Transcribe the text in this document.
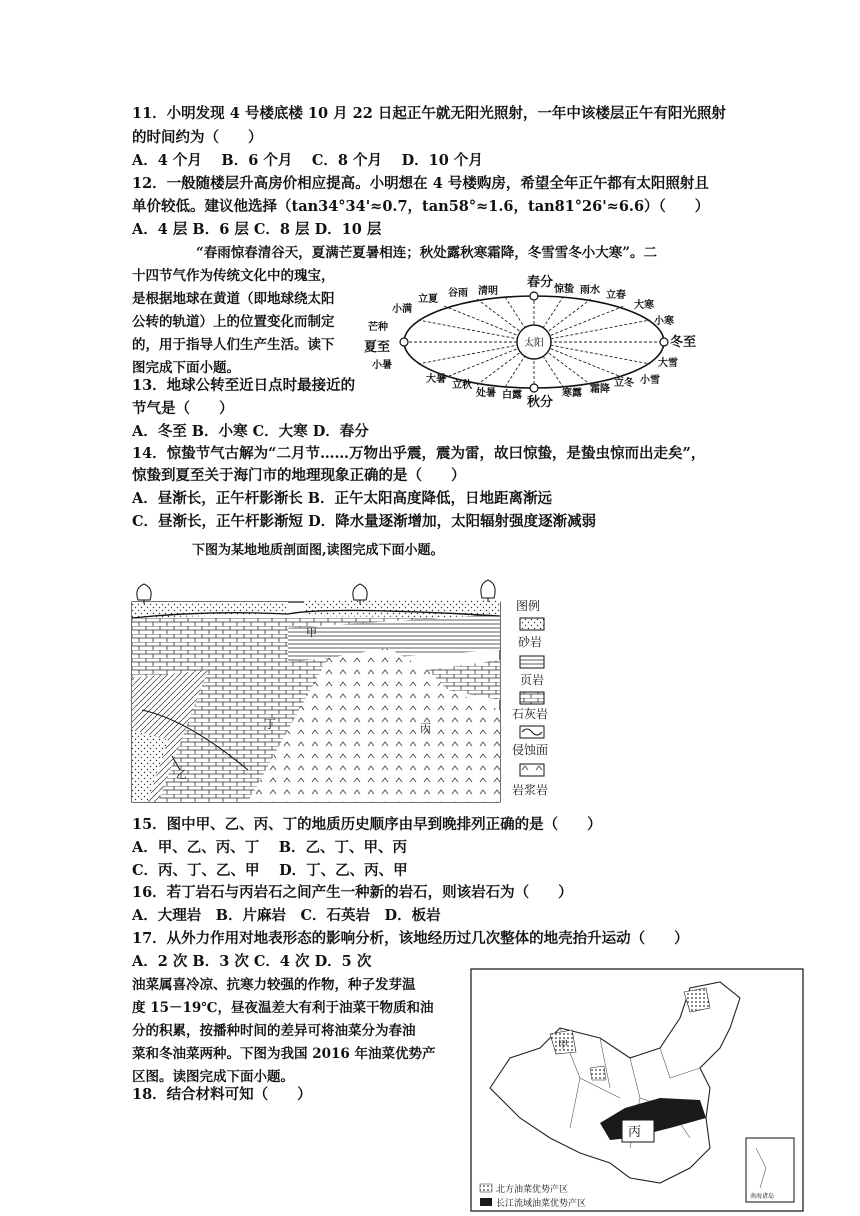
11．小明发现 4 号楼底楼 10 月 22 日起正午就无阳光照射，一年中该楼层正午有阳光照射
的时间约为（　　）
A．4 个月　 B．6 个月　 C．8 个月　 D．10 个月
12．一般随楼层升高房价相应提高。小明想在 4 号楼购房，希望全年正午都有太阳照射且
单价较低。建议他选择（tan34°34'≈0.7，tan58°≈1.6，tan81°26'≈6.6）（　　）
A．4 层 B．6 层 C．8 层 D．10 层
“春雨惊春清谷天，夏满芒夏暑相连；秋处露秋寒霜降，冬雪雪冬小大寒”。二
十四节气作为传统文化中的瑰宝，
是根据地球在黄道（即地球绕太阳
公转的轨道）上的位置变化而制定
的，用于指导人们生产生活。读下
图完成下面小题。
太阳
春分 惊蛰 雨水 立春
大寒
小寒
冬至
大雪
小雪
立冬
霜降
寒露
秋分
白露
处暑
立秋
大暑
小暑
夏至
芒种
小满
立夏
谷雨 清明
13．地球公转至近日点时最接近的
节气是（　　）
A．冬至 B．小寒 C．大寒 D．春分
14．惊蛰节气古解为“二月节……万物出乎震，震为雷，故曰惊蛰，是蛰虫惊而出走矣”，
惊蛰到夏至关于海门市的地理现象正确的是（　　）
A．昼渐长，正午杆影渐长 B．正午太阳高度降低，日地距离渐远
C．昼渐长，正午杆影渐短 D．降水量逐渐增加，太阳辐射强度逐渐减弱
下图为某地地质剖面图,读图完成下面小题。
甲
丁	丙
乙
图例
砂岩
页岩
石灰岩
侵蚀面
岩浆岩
15．图中甲、乙、丙、丁的地质历史顺序由早到晚排列正确的是（　　）
A．甲、乙、丙、丁　 B．乙、丁、甲、丙
C．丙、丁、乙、甲　 D．丁、乙、丙、甲
16．若丁岩石与丙岩石之间产生一种新的岩石，则该岩石为（　　）
A．大理岩　B．片麻岩　C．石英岩　D．板岩
17．从外力作用对地表形态的影响分析，该地经历过几次整体的地壳抬升运动（　　）
A．2 次 B．3 次 C．4 次 D．5 次
油菜属喜冷凉、抗寒力较强的作物，种子发芽温
度 15－19℃，昼夜温差大有利于油菜干物质和油
分的积累，按播种时间的差异可将油菜分为春油
菜和冬油菜两种。下图为我国 2016 年油菜优势产
区图。读图完成下面小题。
18．结合材料可知（　　）
甲
丙
南海诸岛
北方油菜优势产区
长江流域油菜优势产区
